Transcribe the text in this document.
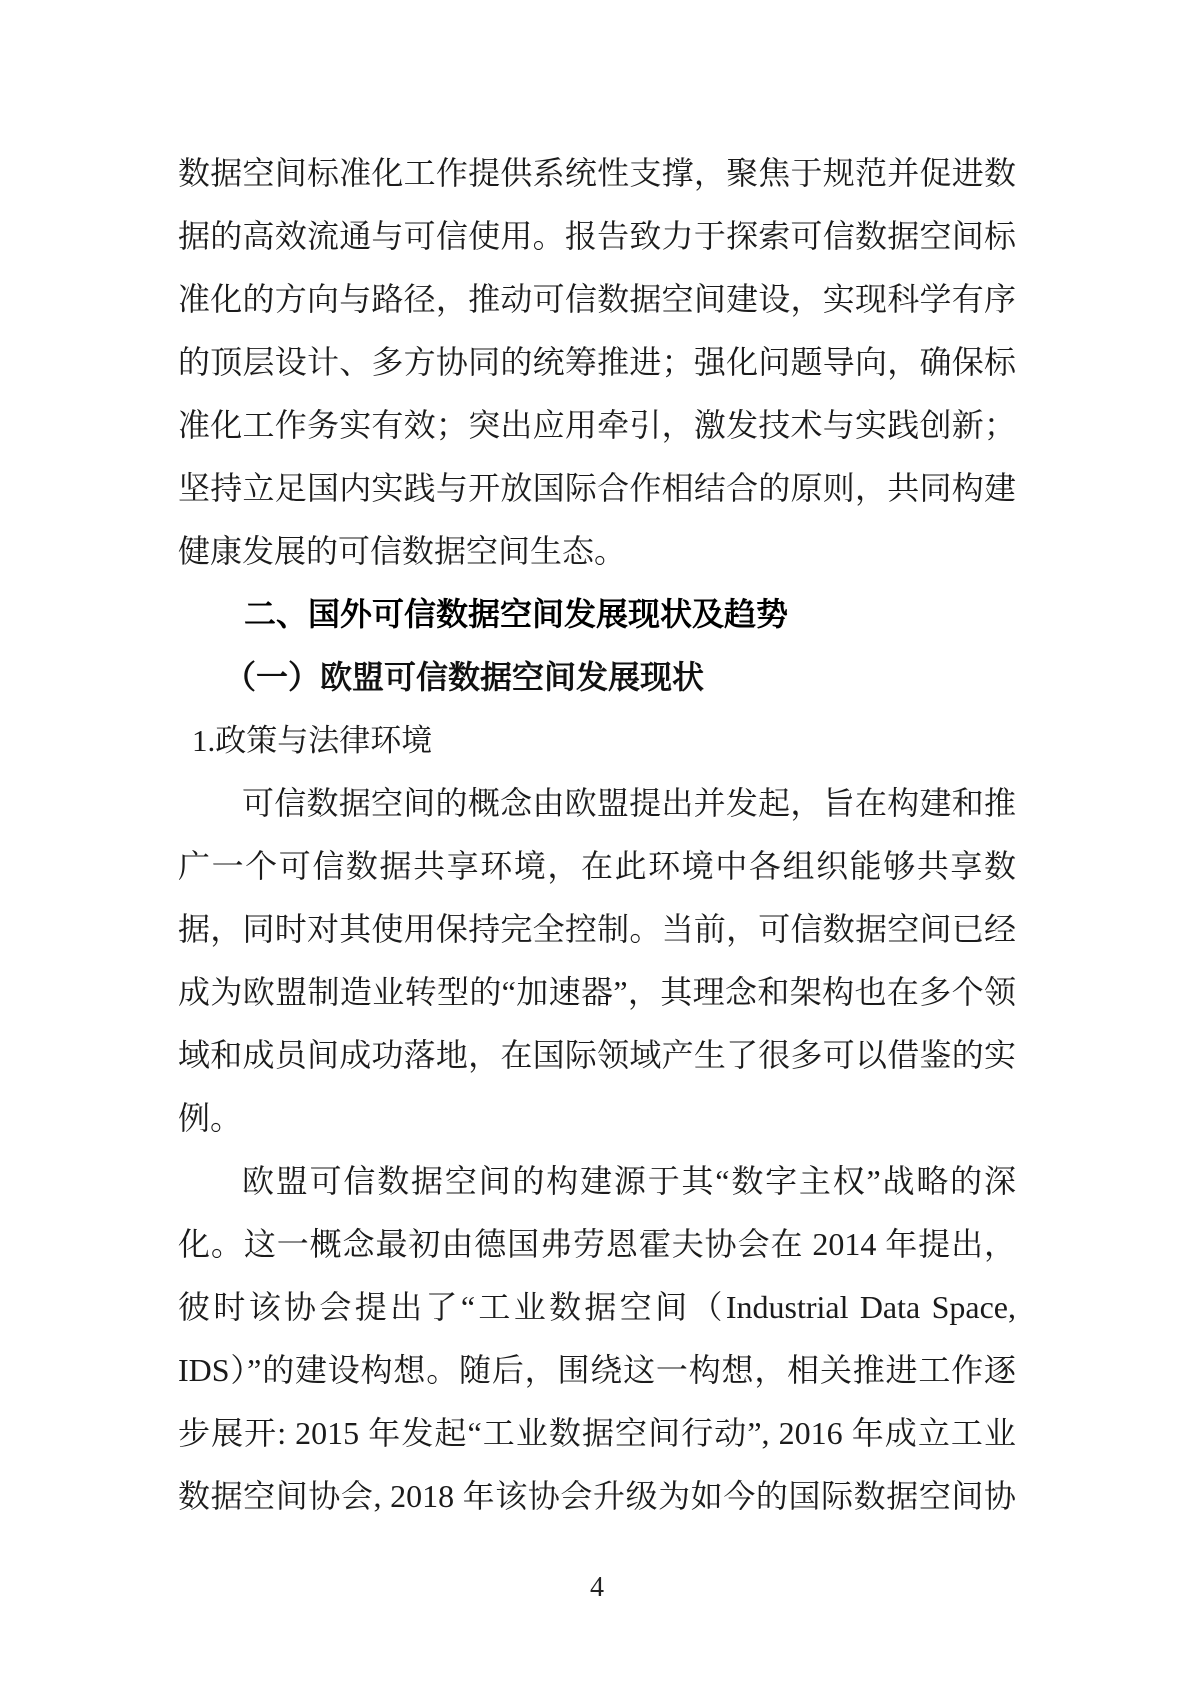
数据空间标准化工作提供系统性支撑，聚焦于规范并促进数
据的高效流通与可信使用。报告致力于探索可信数据空间标
准化的方向与路径，推动可信数据空间建设，实现科学有序
的顶层设计、多方协同的统筹推进；强化问题导向，确保标
准化工作务实有效；突出应用牵引，激发技术与实践创新；
坚持立足国内实践与开放国际合作相结合的原则，共同构建
健康发展的可信数据空间生态。
二、国外可信数据空间发展现状及趋势
（一）欧盟可信数据空间发展现状
1.政策与法律环境
可信数据空间的概念由欧盟提出并发起，旨在构建和推
广一个可信数据共享环境，在此环境中各组织能够共享数
据，同时对其使用保持完全控制。当前，可信数据空间已经
成为欧盟制造业转型的“加速器”，其理念和架构也在多个领
域和成员间成功落地，在国际领域产生了很多可以借鉴的实
例。
欧盟可信数据空间的构建源于其“数字主权”战略的深
化。这一概念最初由德国弗劳恩霍夫协会在 2014 年提出，
彼时该协会提出了“工业数据空间（Industrial Data Space,
IDS）”的建设构想。随后，围绕这一构想，相关推进工作逐
步展开: 2015 年发起“工业数据空间行动”, 2016 年成立工业
数据空间协会, 2018 年该协会升级为如今的国际数据空间协
4
